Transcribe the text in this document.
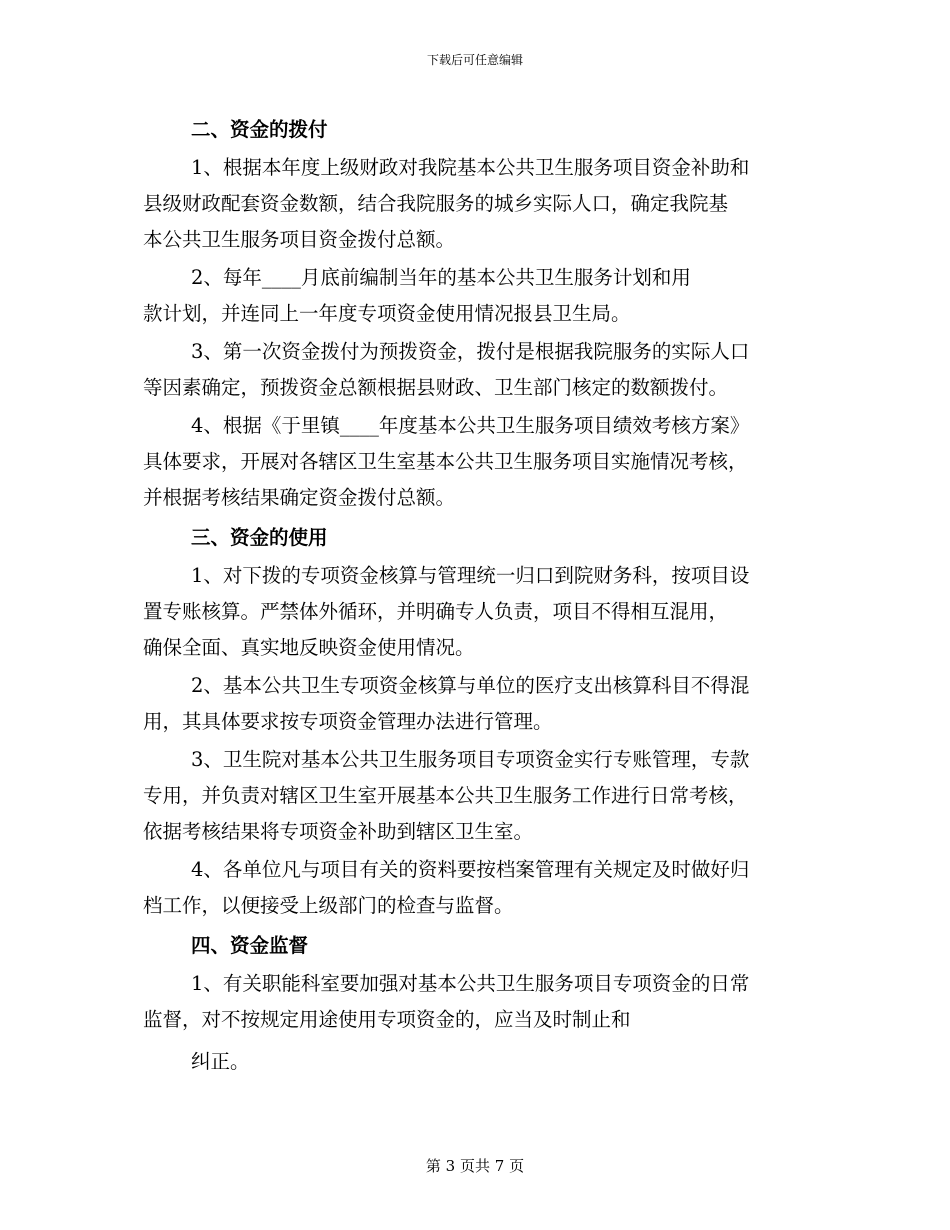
下载后可任意编辑
二、资金的拨付
1、根据本年度上级财政对我院基本公共卫生服务项目资金补助和
县级财政配套资金数额，结合我院服务的城乡实际人口，确定我院基
本公共卫生服务项目资金拨付总额。
2、每年____月底前编制当年的基本公共卫生服务计划和用
款计划，并连同上一年度专项资金使用情况报县卫生局。
3、第一次资金拨付为预拨资金，拨付是根据我院服务的实际人口
等因素确定，预拨资金总额根据县财政、卫生部门核定的数额拨付。
4、根据《于里镇____年度基本公共卫生服务项目绩效考核方案》
具体要求，开展对各辖区卫生室基本公共卫生服务项目实施情况考核，
并根据考核结果确定资金拨付总额。
三、资金的使用
1、对下拨的专项资金核算与管理统一归口到院财务科，按项目设
置专账核算。严禁体外循环，并明确专人负责，项目不得相互混用，
确保全面、真实地反映资金使用情况。
2、基本公共卫生专项资金核算与单位的医疗支出核算科目不得混
用，其具体要求按专项资金管理办法进行管理。
3、卫生院对基本公共卫生服务项目专项资金实行专账管理，专款
专用，并负责对辖区卫生室开展基本公共卫生服务工作进行日常考核，
依据考核结果将专项资金补助到辖区卫生室。
4、各单位凡与项目有关的资料要按档案管理有关规定及时做好归
档工作，以便接受上级部门的检查与监督。
四、资金监督
1、有关职能科室要加强对基本公共卫生服务项目专项资金的日常
监督，对不按规定用途使用专项资金的，应当及时制止和
纠正。
第 3 页共 7 页
